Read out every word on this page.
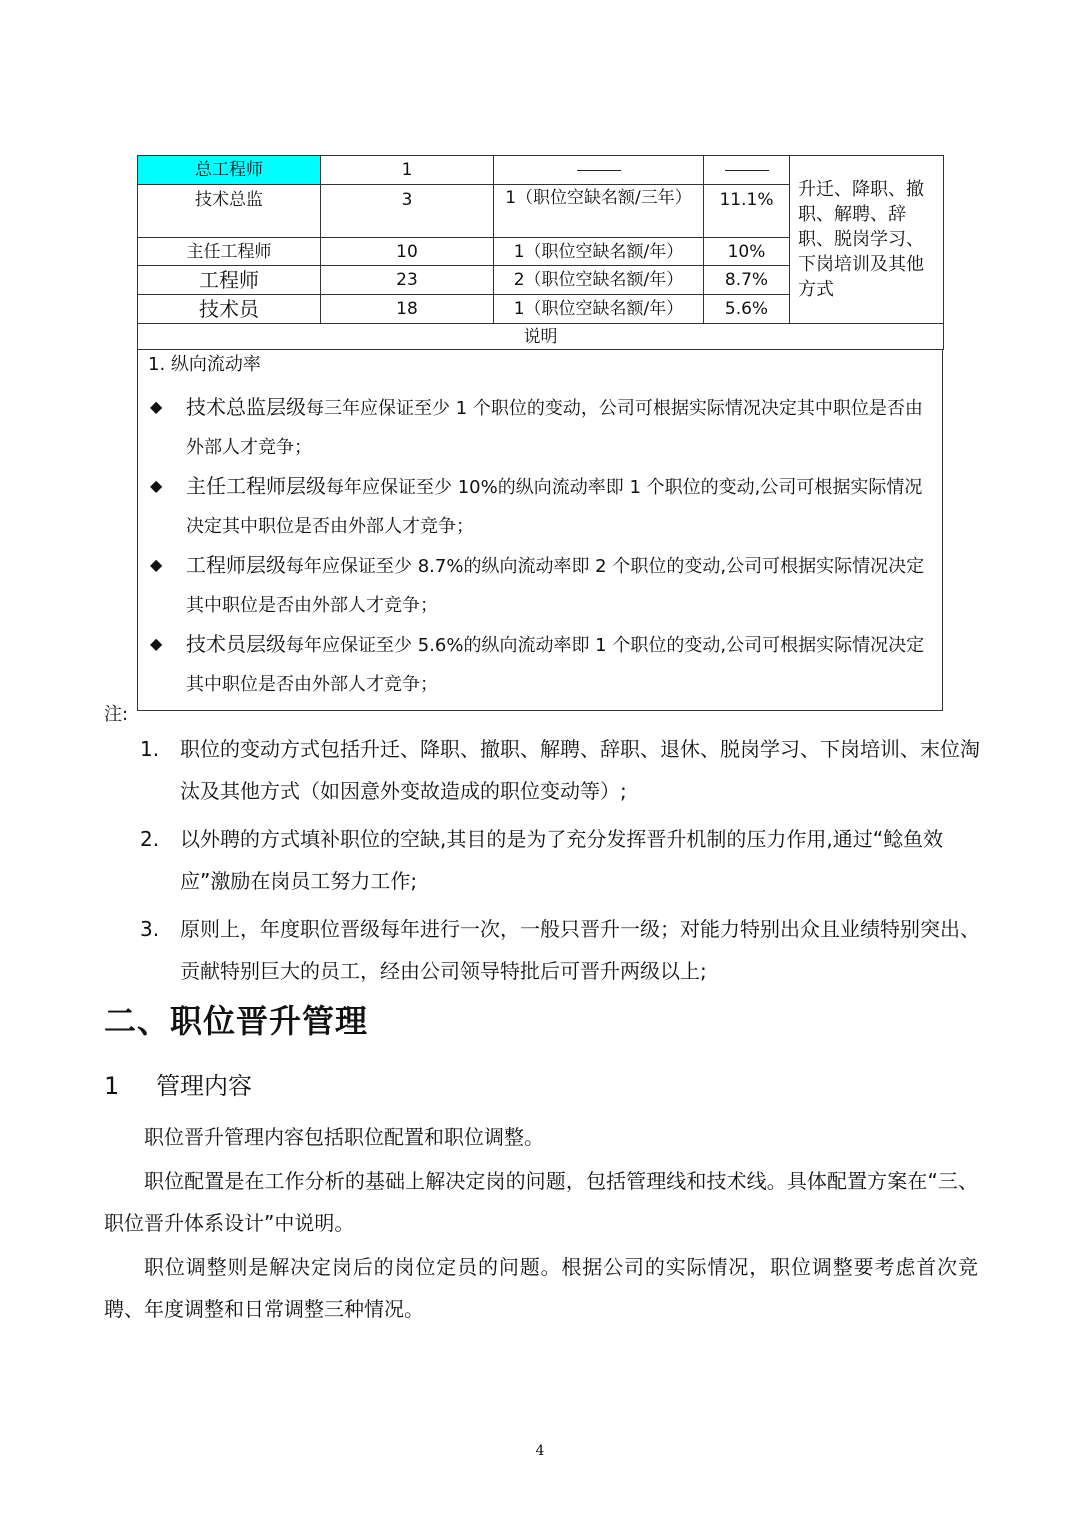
总工程师	1			升迁、降职、撤职、解聘、辞职、脱岗学习、下岗培训及其他方式
技术总监	3	1（职位空缺名额/三年）	11.1%	
主任工程师	10	1（职位空缺名额/年）	10%	
工程师	23	2（职位空缺名额/年）	8.7%	
技术员	18	1（职位空缺名额/年）	5.6%	
说明				
1. 纵向流动率
◆	技术总监层级每三年应保证至少 1 个职位的变动，公司可根据实际情况决定其中职位是否由外部人才竞争；
◆	主任工程师层级每年应保证至少 10%的纵向流动率即 1 个职位的变动,公司可根据实际情况决定其中职位是否由外部人才竞争；
◆	工程师层级每年应保证至少 8.7%的纵向流动率即 2 个职位的变动,公司可根据实际情况决定其中职位是否由外部人才竞争；
◆	技术员层级每年应保证至少 5.6%的纵向流动率即 1 个职位的变动,公司可根据实际情况决定其中职位是否由外部人才竞争；
注:
1.	职位的变动方式包括升迁、降职、撤职、解聘、辞职、退休、脱岗学习、下岗培训、末位淘汰及其他方式（如因意外变故造成的职位变动等）;
2.	以外聘的方式填补职位的空缺,其目的是为了充分发挥晋升机制的压力作用,通过“鲶鱼效应”激励在岗员工努力工作;
3.	原则上，年度职位晋级每年进行一次，一般只晋升一级；对能力特别出众且业绩特别突出、贡献特别巨大的员工，经由公司领导特批后可晋升两级以上;
二、职位晋升管理
1 管理内容

职位晋升管理内容包括职位配置和职位调整。

职位配置是在工作分析的基础上解决定岗的问题，包括管理线和技术线。具体配置方案在“三、职位晋升体系设计”中说明。

职位调整则是解决定岗后的岗位定员的问题。根据公司的实际情况，职位调整要考虑首次竞聘、年度调整和日常调整三种情况。

4
